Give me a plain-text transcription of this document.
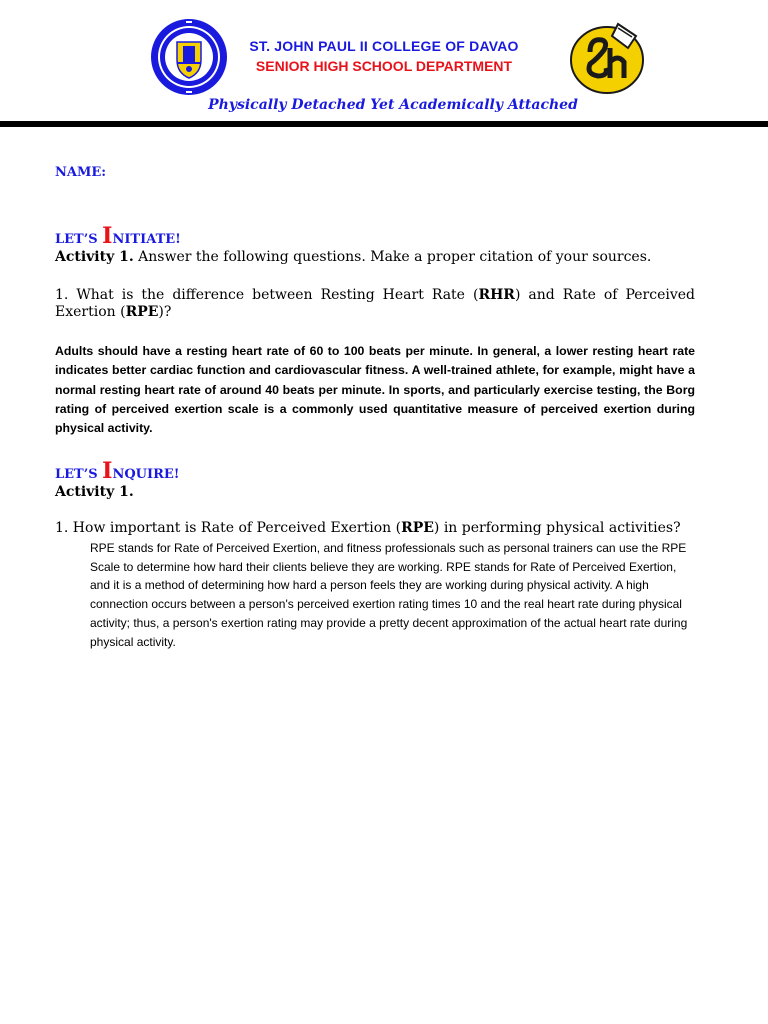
ST. JOHN PAUL II COLLEGE OF DAVAO
SENIOR HIGH SCHOOL DEPARTMENT
Physically Detached Yet Academically Attached
NAME:
LET’S INITIATE!
Activity 1. Answer the following questions. Make a proper citation of your sources.
1. What is the difference between Resting Heart Rate (RHR) and Rate of Perceived Exertion (RPE)?
Adults should have a resting heart rate of 60 to 100 beats per minute. In general, a lower resting heart rate indicates better cardiac function and cardiovascular fitness. A well-trained athlete, for example, might have a normal resting heart rate of around 40 beats per minute. In sports, and particularly exercise testing, the Borg rating of perceived exertion scale is a commonly used quantitative measure of perceived exertion during physical activity.
LET’S INQUIRE!
Activity 1.
1. How important is Rate of Perceived Exertion (RPE) in performing physical activities?
RPE stands for Rate of Perceived Exertion, and fitness professionals such as personal trainers can use the RPE Scale to determine how hard their clients believe they are working. RPE stands for Rate of Perceived Exertion, and it is a method of determining how hard a person feels they are working during physical activity. A high connection occurs between a person's perceived exertion rating times 10 and the real heart rate during physical activity; thus, a person's exertion rating may provide a pretty decent approximation of the actual heart rate during physical activity.
